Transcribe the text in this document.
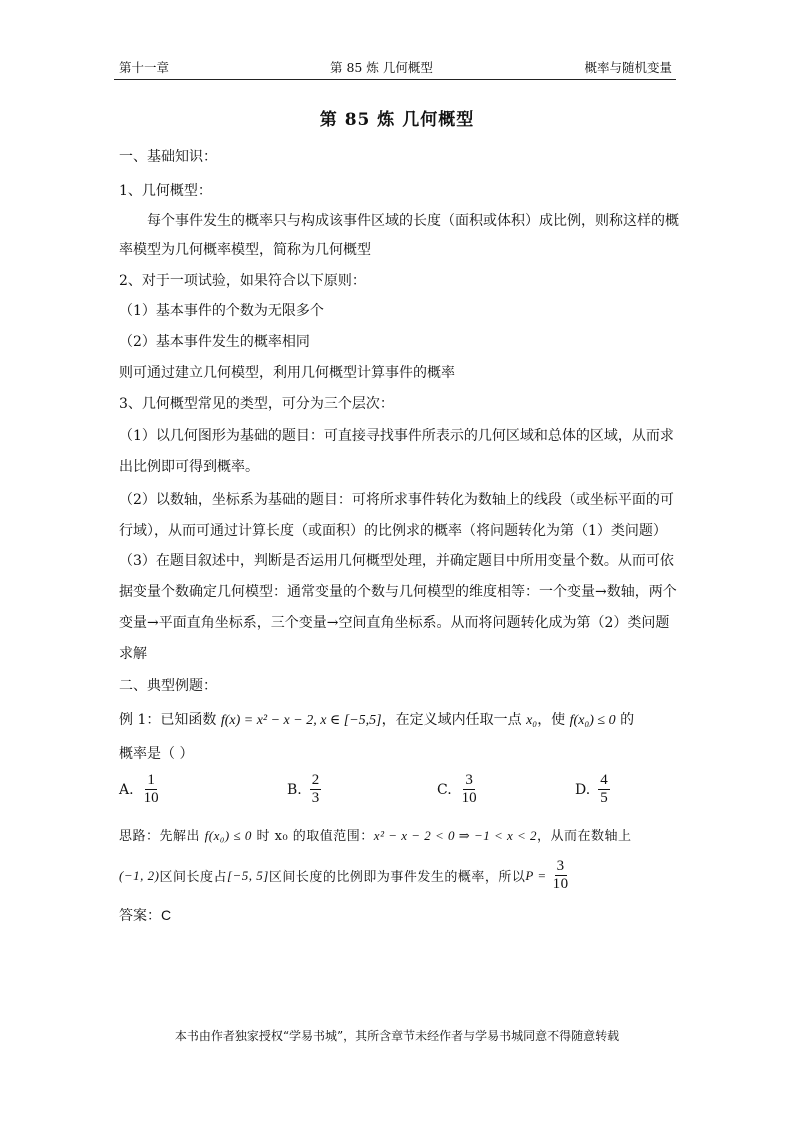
第十一章	第 85 炼 几何概型	概率与随机变量
第 85 炼 几何概型
一、基础知识：
1、几何概型：
每个事件发生的概率只与构成该事件区域的长度（面积或体积）成比例，则称这样的概
率模型为几何概率模型，简称为几何概型
2、对于一项试验，如果符合以下原则：
（1）基本事件的个数为无限多个
（2）基本事件发生的概率相同
则可通过建立几何模型，利用几何概型计算事件的概率
3、几何概型常见的类型，可分为三个层次：
（1）以几何图形为基础的题目：可直接寻找事件所表示的几何区域和总体的区域，从而求
出比例即可得到概率。
（2）以数轴，坐标系为基础的题目：可将所求事件转化为数轴上的线段（或坐标平面的可
行域），从而可通过计算长度（或面积）的比例求的概率（将问题转化为第（1）类问题）
（3）在题目叙述中，判断是否运用几何概型处理，并确定题目中所用变量个数。从而可依
据变量个数确定几何模型：通常变量的个数与几何模型的维度相等：一个变量→数轴，两个
变量→平面直角坐标系，三个变量→空间直角坐标系。从而将问题转化成为第（2）类问题
求解
二、典型例题：
例 1：已知函数 f(x) = x² − x − 2, x ∈ [−5,5]，在定义域内任取一点 x₀，使 f(x₀) ≤ 0 的
概率是（ ）
A. $\frac{1}{10}$	B. $\frac{2}{3}$	C. $\frac{3}{10}$	D. $\frac{4}{5}$
思路：先解出 f(x₀) ≤ 0 时 x₀ 的取值范围：x² − x − 2 < 0 ⇒ −1 < x < 2，从而在数轴上
(−1, 2) 区间长度占 [−5, 5] 区间长度的比例即为事件发生的概率，所以 $P = \frac{3}{10}$
答案：C
本书由作者独家授权“学易书城”，其所含章节未经作者与学易书城同意不得随意转载
